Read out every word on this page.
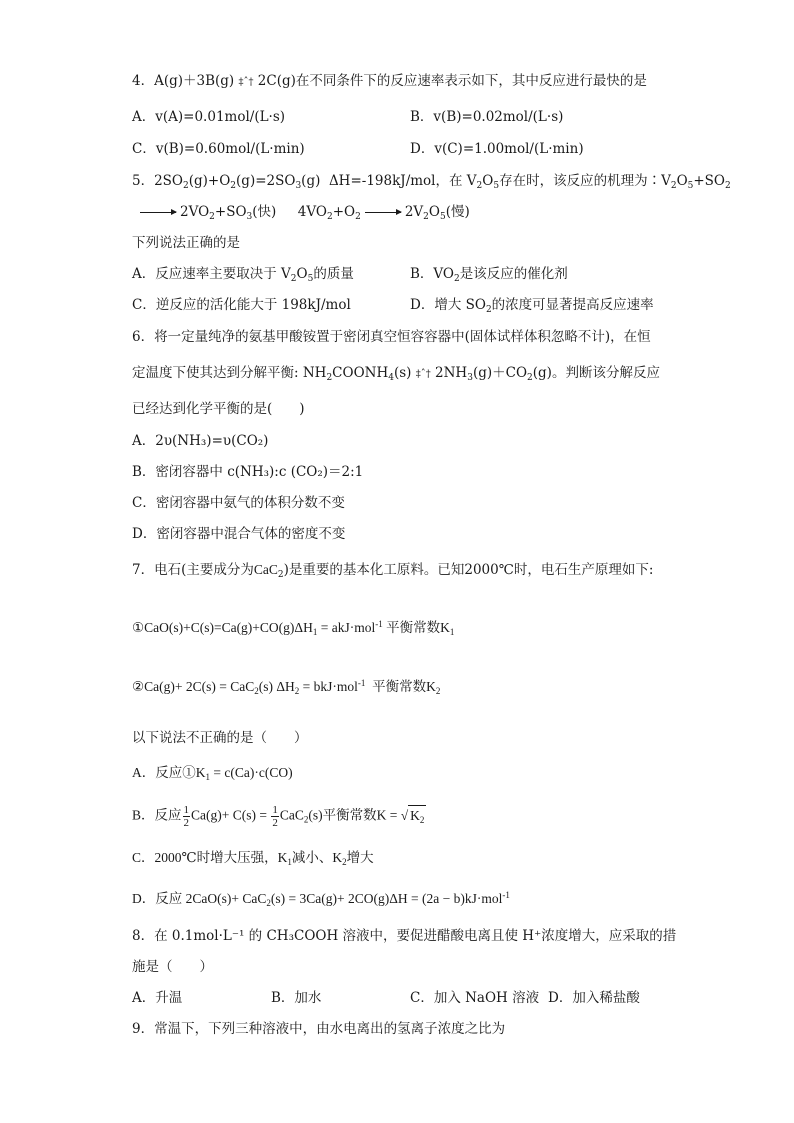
4．A(g)＋3B(g) ‡ˆ† 2C(g)在不同条件下的反应速率表示如下，其中反应进行最快的是
A．v(A)=0.01mol/(L·s)	B．v(B)=0.02mol/(L·s)
C．v(B)=0.60mol/(L·min)	D．v(C)=1.00mol/(L·min)
5．$2SO_2(g)+O_2(g)=2SO_3(g)$  ΔH=-198kJ/mol，在 $V_2O_5$存在时，该反应的机理为$∶V_2O_5+SO_2$
→ $2VO_2+SO_3$(快)     $4VO_2+O_2 \to 2V_2O_5$(慢)
下列说法正确的是
A．反应速率主要取决于 $V_2O_5$的质量	B．$VO_2$是该反应的催化剂
C．逆反应的活化能大于 198kJ/mol	D．增大 $SO_2$的浓度可显著提高反应速率
6．将一定量纯净的氨基甲酸铵置于密闭真空恒容容器中(固体试样体积忽略不计)，在恒
定温度下使其达到分解平衡: $NH_2COONH_4(s)$ ‡ˆ† $2NH_3(g)+CO_2(g)$。判断该分解反应
已经达到化学平衡的是(　　)
A．2υ(NH₃)=υ(CO₂)
B．密闭容器中 c(NH₃):c (CO₂)＝2:1
C．密闭容器中氨气的体积分数不变
D．密闭容器中混合气体的密度不变
7．电石(主要成分为CaC$_2$)是重要的基本化工原料。已知2000℃时，电石生产原理如下:
$①CaO(s)+C(s)=Ca(g)+CO(g)\Delta H_1 = akJ\cdot mol^{-1}$ 平衡常数$K_1$
②Ca(g)+ 2C(s) = CaC$_2$(s) $\Delta H_2 = bkJ\cdot mol^{-1}$ 平衡常数$K_2$
以下说法不正确的是（　　）
A．反应$①K_1 = c(Ca)\cdot c(CO)$
B．反应 $\frac{1}{2} Ca(g)+ C(s) = \frac{1}{2} CaC_2(s)$平衡常数K = √ $K_2$
C．2000℃时增大压强，$K_1$减小、$K_2$增大
D．反应 2CaO(s)+ CaC$_2$(s) = 3Ca(g)+ 2CO(g)ΔH = (2a − b)kJ·mol$^{-1}$
8．在 0.1mol·L⁻¹ 的 CH₃COOH 溶液中，要促进醋酸电离且使 H⁺浓度增大，应采取的措
施是（　　）
A．升温	B．加水	C．加入 NaOH 溶液 D．加入稀盐酸
9．常温下，下列三种溶液中，由水电离出的氢离子浓度之比为
